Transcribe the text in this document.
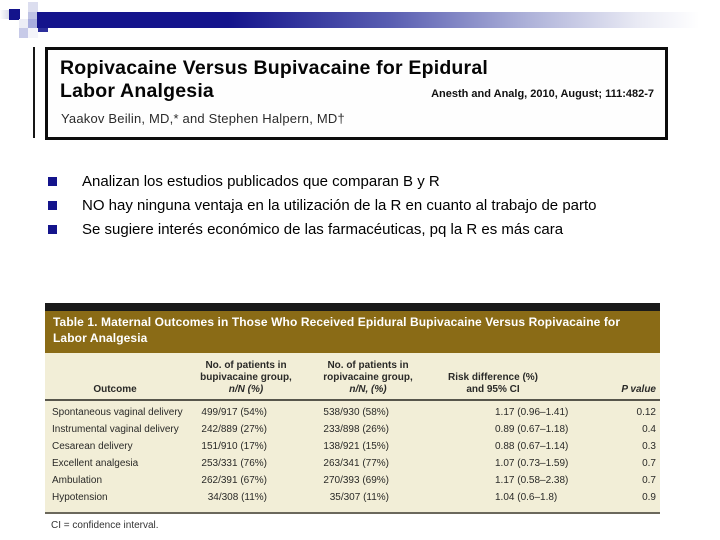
Ropivacaine Versus Bupivacaine for Epidural
Labor Analgesia	Anesth and Analg, 2010, August; 111:482-7
Yaakov Beilin, MD,* and Stephen Halpern, MD†
Analizan los estudios publicados que comparan B y R
NO hay ninguna ventaja en la utilización de la R en cuanto al trabajo de parto
Se sugiere interés económico de las farmacéuticas, pq la R es más cara
Table 1. Maternal Outcomes in Those Who Received Epidural Bupivacaine Versus Ropivacaine for
Labor Analgesia
Outcome
No. of patients in
bupivacaine group,
n/N (%)
No. of patients in
ropivacaine group,
n/N, (%)
Risk difference (%)
and 95% CI	P value
Spontaneous vaginal delivery	499/917 (54%)	538/930 (58%)	1.17 (0.96–1.41)	0.12
Instrumental vaginal delivery	242/889 (27%)	233/898 (26%)	0.89 (0.67–1.18)	0.4
Cesarean delivery	151/910 (17%)	138/921 (15%)	0.88 (0.67–1.14)	0.3
Excellent analgesia	253/331 (76%)	263/341 (77%)	1.07 (0.73–1.59)	0.7
Ambulation	262/391 (67%)	270/393 (69%)	1.17 (0.58–2.38)	0.7
Hypotension	34/308 (11%)	35/307 (11%)	1.04 (0.6–1.8)	0.9
CI = confidence interval.
